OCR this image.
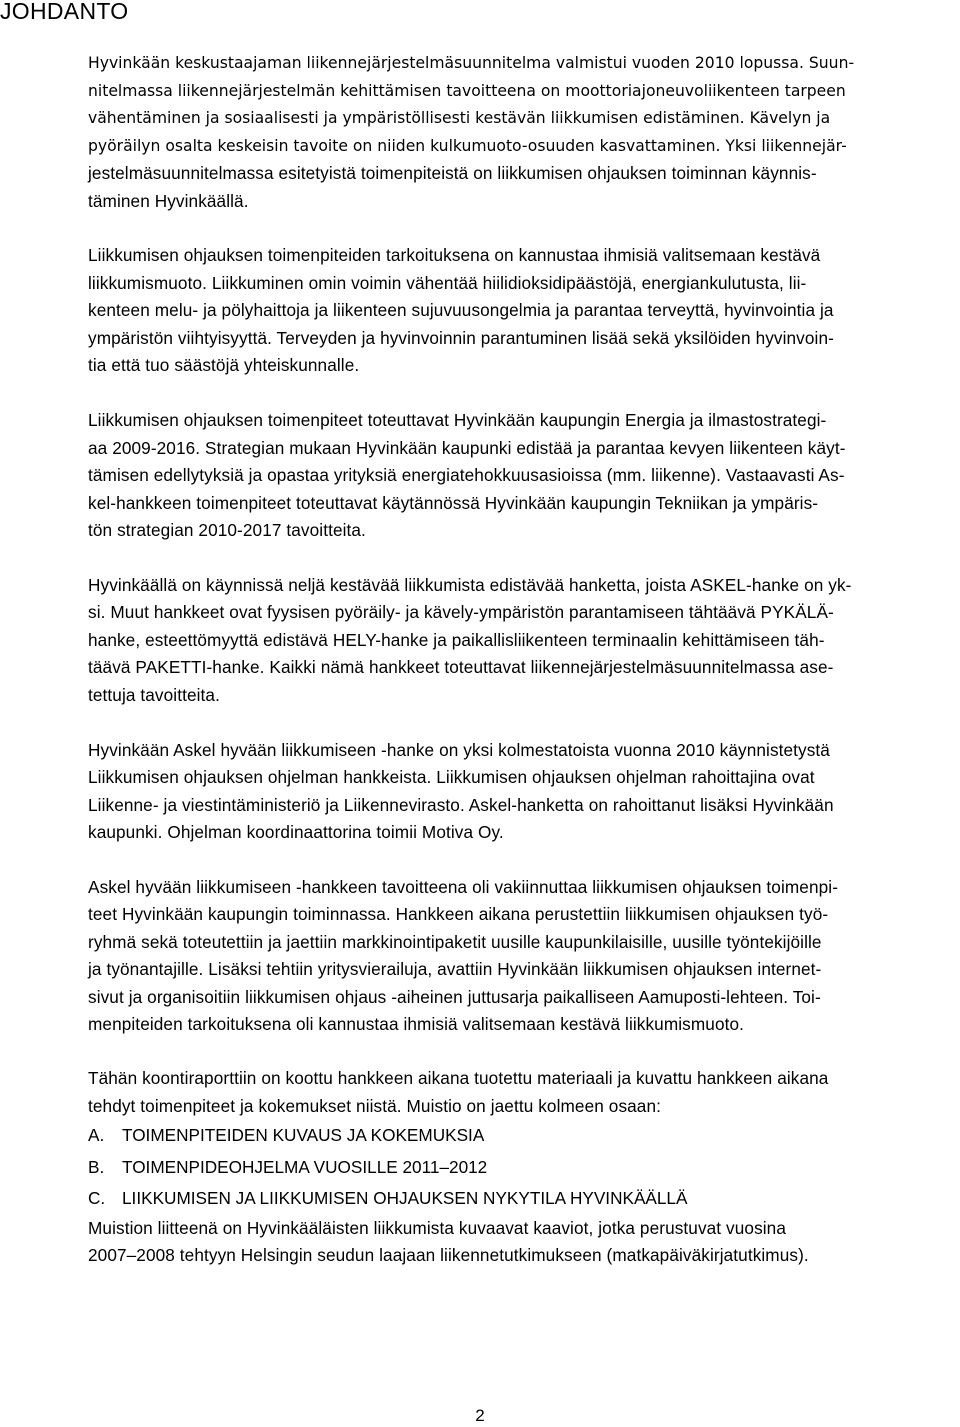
JOHDANTO
Hyvinkään keskustaajaman liikennejärjestelmäsuunnitelma valmistui vuoden 2010 lopussa. Suun-
nitelmassa liikennejärjestelmän kehittämisen tavoitteena on moottoriajoneuvoliikenteen tarpeen
vähentäminen ja sosiaalisesti ja ympäristöllisesti kestävän liikkumisen edistäminen. Kävelyn ja
pyöräilyn osalta keskeisin tavoite on niiden kulkumuoto-osuuden kasvattaminen. Yksi liikennejär-
jestelmäsuunnitelmassa esitetyistä toimenpiteistä on liikkumisen ohjauksen toiminnan käynnis-
täminen Hyvinkäällä.
Liikkumisen ohjauksen toimenpiteiden tarkoituksena on kannustaa ihmisiä valitsemaan kestävä
liikkumismuoto. Liikkuminen omin voimin vähentää hiilidioksidipäästöjä, energiankulutusta, lii-
kenteen melu- ja pölyhaittoja ja liikenteen sujuvuusongelmia ja parantaa terveyttä, hyvinvointia ja
ympäristön viihtyisyyttä. Terveyden ja hyvinvoinnin parantuminen lisää sekä yksilöiden hyvinvoin-
tia että tuo säästöjä yhteiskunnalle.
Liikkumisen ohjauksen toimenpiteet toteuttavat Hyvinkään kaupungin Energia ja ilmastostrategi-
aa 2009-2016. Strategian mukaan Hyvinkään kaupunki edistää ja parantaa kevyen liikenteen käyt-
tämisen edellytyksiä ja opastaa yrityksiä energiatehokkuusasioissa (mm. liikenne). Vastaavasti As-
kel-hankkeen toimenpiteet toteuttavat käytännössä Hyvinkään kaupungin Tekniikan ja ympäris-
tön strategian 2010-2017 tavoitteita.
Hyvinkäällä on käynnissä neljä kestävää liikkumista edistävää hanketta, joista ASKEL-hanke on yk-
si. Muut hankkeet ovat fyysisen pyöräily- ja kävely-ympäristön parantamiseen tähtäävä PYKÄLÄ-
hanke, esteettömyyttä edistävä HELY-hanke ja paikallisliikenteen terminaalin kehittämiseen täh-
täävä PAKETTI-hanke. Kaikki nämä hankkeet toteuttavat liikennejärjestelmäsuunnitelmassa ase-
tettuja tavoitteita.
Hyvinkään Askel hyvään liikkumiseen -hanke on yksi kolmestatoista vuonna 2010 käynnistetystä
Liikkumisen ohjauksen ohjelman hankkeista. Liikkumisen ohjauksen ohjelman rahoittajina ovat
Liikenne- ja viestintäministeriö ja Liikennevirasto. Askel-hanketta on rahoittanut lisäksi Hyvinkään
kaupunki. Ohjelman koordinaattorina toimii Motiva Oy.
Askel hyvään liikkumiseen -hankkeen tavoitteena oli vakiinnuttaa liikkumisen ohjauksen toimenpi-
teet Hyvinkään kaupungin toiminnassa. Hankkeen aikana perustettiin liikkumisen ohjauksen työ-
ryhmä sekä toteutettiin ja jaettiin markkinointipaketit uusille kaupunkilaisille, uusille työntekijöille
ja työnantajille. Lisäksi tehtiin yritysvierailuja, avattiin Hyvinkään liikkumisen ohjauksen internet-
sivut ja organisoitiin liikkumisen ohjaus -aiheinen juttusarja paikalliseen Aamuposti-lehteen. Toi-
menpiteiden tarkoituksena oli kannustaa ihmisiä valitsemaan kestävä liikkumismuoto.
Tähän koontiraporttiin on koottu hankkeen aikana tuotettu materiaali ja kuvattu hankkeen aikana
tehdyt toimenpiteet ja kokemukset niistä. Muistio on jaettu kolmeen osaan:
A. TOIMENPITEIDEN KUVAUS JA KOKEMUKSIA
B. TOIMENPIDEOHJELMA VUOSILLE 2011–2012
C. LIIKKUMISEN JA LIIKKUMISEN OHJAUKSEN NYKYTILA HYVINKÄÄLLÄ
Muistion liitteenä on Hyvinkääläisten liikkumista kuvaavat kaaviot, jotka perustuvat vuosina
2007–2008 tehtyyn Helsingin seudun laajaan liikennetutkimukseen (matkapäiväkirjatutkimus).
2
